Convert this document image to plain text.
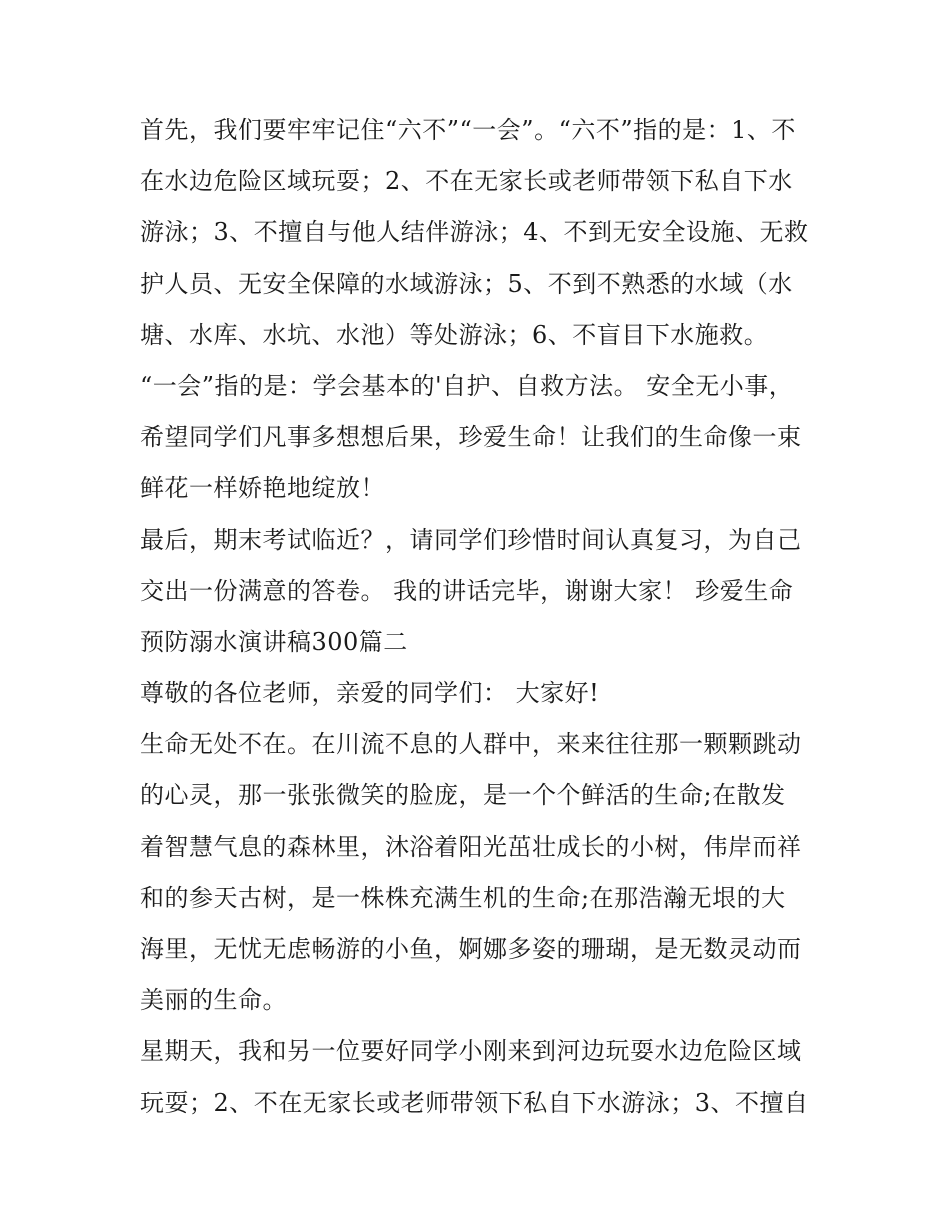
首先，我们要牢牢记住“六不”“一会”。“六不”指的是：1、不
在水边危险区域玩耍；2、不在无家长或老师带领下私自下水
游泳；3、不擅自与他人结伴游泳；4、不到无安全设施、无救
护人员、无安全保障的水域游泳；5、不到不熟悉的水域（水
塘、水库、水坑、水池）等处游泳；6、不盲目下水施救。
“一会”指的是：学会基本的'自护、自救方法。 安全无小事，
希望同学们凡事多想想后果，珍爱生命！让我们的生命像一束
鲜花一样娇艳地绽放！
最后，期末考试临近？，请同学们珍惜时间认真复习，为自己
交出一份满意的答卷。 我的讲话完毕，谢谢大家！ 珍爱生命
预防溺水演讲稿300篇二
尊敬的各位老师，亲爱的同学们： 大家好!
生命无处不在。在川流不息的人群中，来来往往那一颗颗跳动
的心灵，那一张张微笑的脸庞，是一个个鲜活的生命;在散发
着智慧气息的森林里，沐浴着阳光茁壮成长的小树，伟岸而祥
和的参天古树，是一株株充满生机的生命;在那浩瀚无垠的大
海里，无忧无虑畅游的小鱼，婀娜多姿的珊瑚，是无数灵动而
美丽的生命。
星期天，我和另一位要好同学小刚来到河边玩耍水边危险区域
玩耍；2、不在无家长或老师带领下私自下水游泳；3、不擅自
